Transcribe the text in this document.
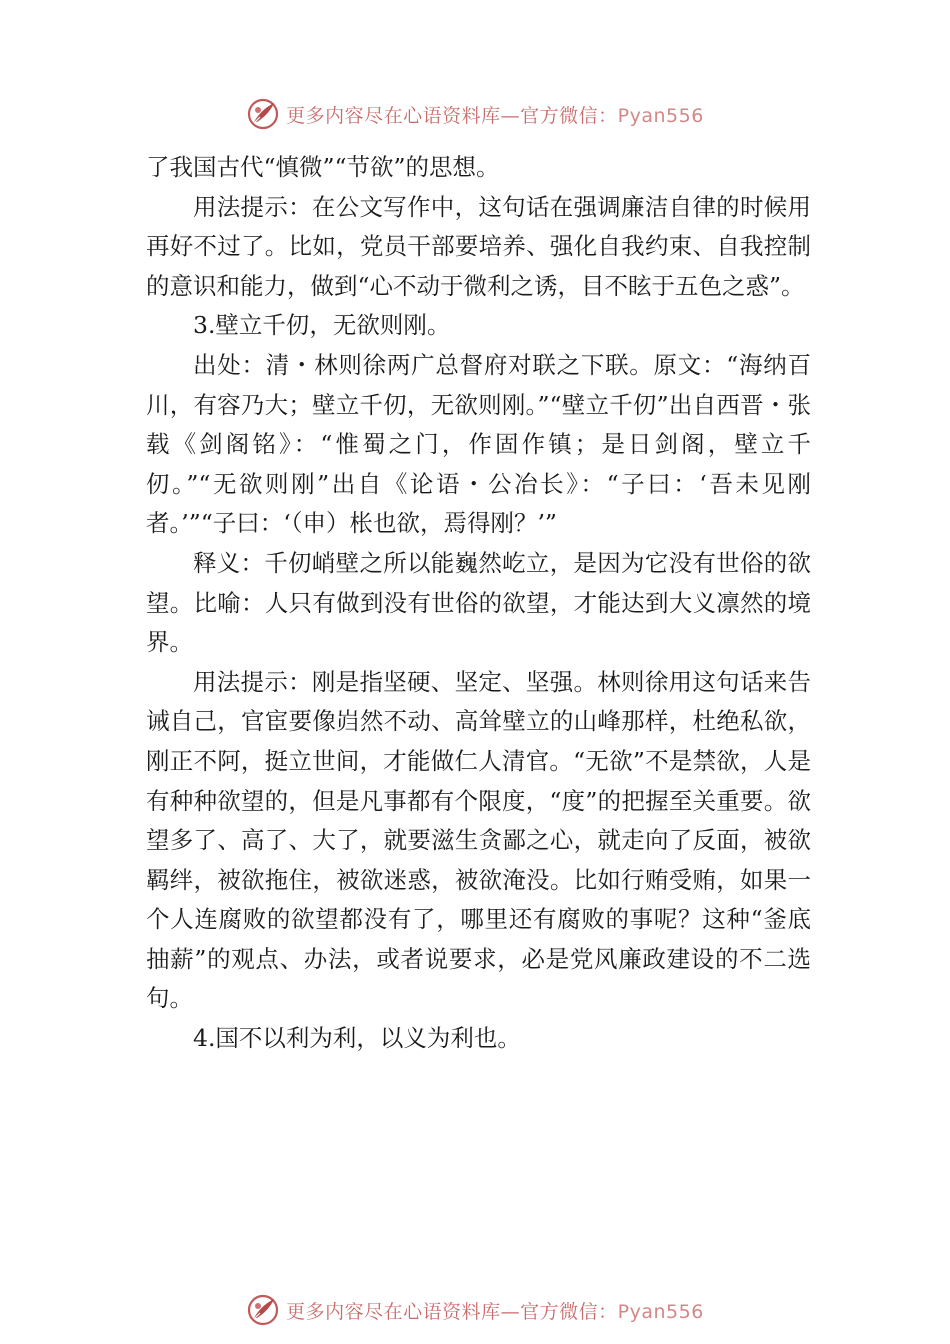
更多内容尽在心语资料库—官方微信：Pyan556

了我国古代“慎微”“节欲”的思想。

用法提示：在公文写作中，这句话在强调廉洁自律的时候用再好不过了。比如，党员干部要培养、强化自我约束、自我控制的意识和能力，做到“心不动于微利之诱，目不眩于五色之惑”。

3.壁立千仞，无欲则刚。

出处：清・林则徐两广总督府对联之下联。原文：“海纳百川，有容乃大；壁立千仞，无欲则刚。”“壁立千仞”出自西晋・张载《剑阁铭》：“惟蜀之门，作固作镇；是日剑阁，壁立千仞。”“无欲则刚”出自《论语・公冶长》：“子曰：‘吾未见刚者。’”“子曰：‘（申）枨也欲，焉得刚？’”

释义：千仞峭壁之所以能巍然屹立，是因为它没有世俗的欲望。比喻：人只有做到没有世俗的欲望，才能达到大义凛然的境界。

用法提示：刚是指坚硬、坚定、坚强。林则徐用这句话来告诫自己，官宦要像岿然不动、高耸壁立的山峰那样，杜绝私欲，刚正不阿，挺立世间，才能做仁人清官。“无欲”不是禁欲，人是有种种欲望的，但是凡事都有个限度，“度”的把握至关重要。欲望多了、高了、大了，就要滋生贪鄙之心，就走向了反面，被欲羁绊，被欲拖住，被欲迷惑，被欲淹没。比如行贿受贿，如果一个人连腐败的欲望都没有了，哪里还有腐败的事呢？这种“釜底抽薪”的观点、办法，或者说要求，必是党风廉政建设的不二选句。

4.国不以利为利，以义为利也。

更多内容尽在心语资料库—官方微信：Pyan556
